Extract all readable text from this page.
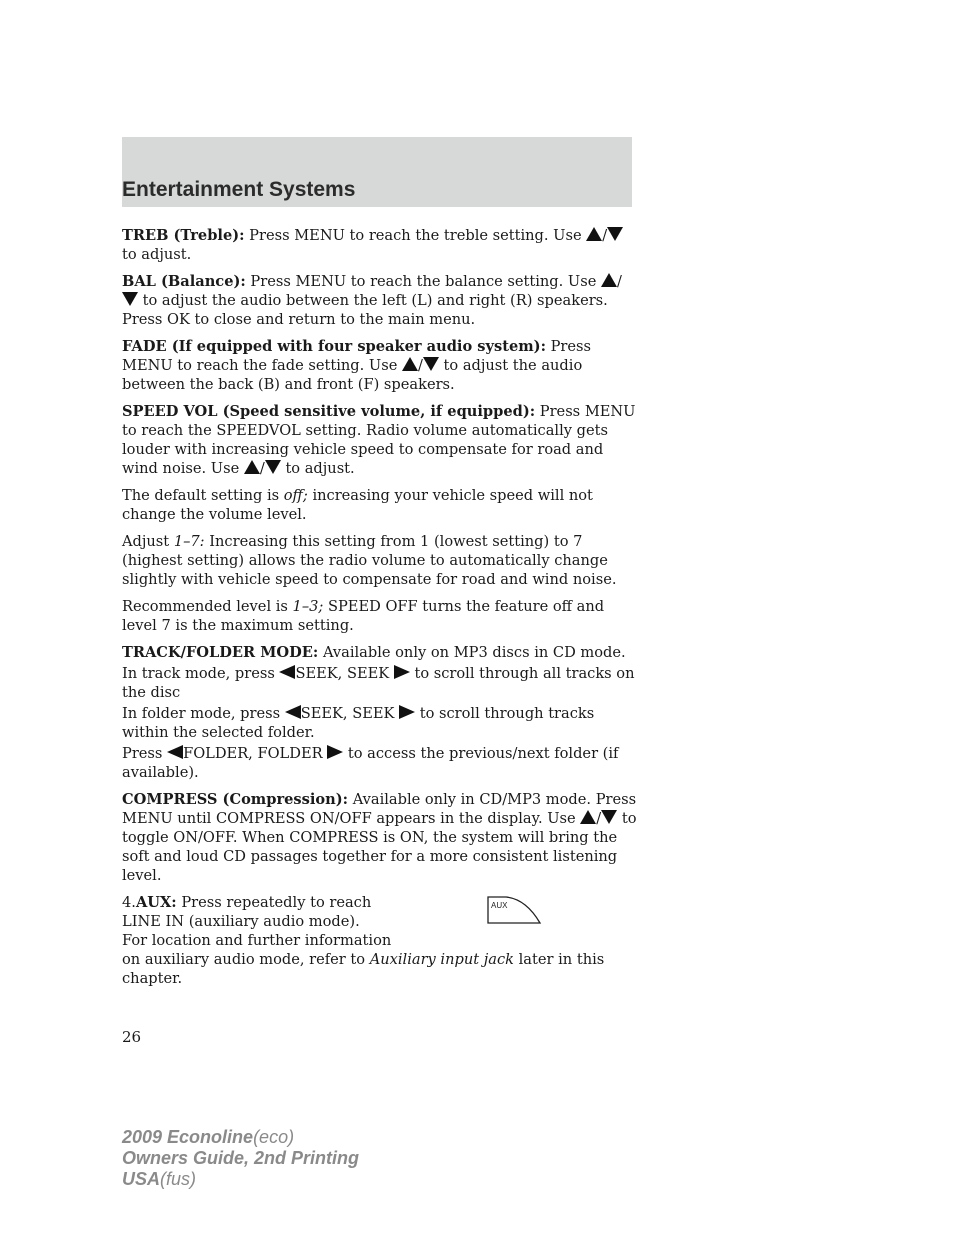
Entertainment Systems

TREB (Treble): Press MENU to reach the treble setting. Use /
to adjust.

BAL (Balance): Press MENU to reach the balance setting. Use /
to adjust the audio between the left (L) and right (R) speakers. Press OK to close and return to the main menu.

FADE (If equipped with four speaker audio system): Press MENU to reach the fade setting. Use / to adjust the audio between the back (B) and front (F) speakers.

SPEED VOL (Speed sensitive volume, if equipped): Press MENU to reach the SPEEDVOL setting. Radio volume automatically gets louder with increasing vehicle speed to compensate for road and wind noise. Use / to adjust.

The default setting is off; increasing your vehicle speed will not change the volume level.

Adjust 1–7: Increasing this setting from 1 (lowest setting) to 7 (highest setting) allows the radio volume to automatically change slightly with vehicle speed to compensate for road and wind noise.

Recommended level is 1–3; SPEED OFF turns the feature off and level 7 is the maximum setting.

TRACK/FOLDER MODE: Available only on MP3 discs in CD mode.

In track mode, press SEEK, SEEK to scroll through all tracks on the disc

In folder mode, press SEEK, SEEK to scroll through tracks within the selected folder.

Press FOLDER, FOLDER to access the previous/next folder (if available).

COMPRESS (Compression): Available only in CD/MP3 mode. Press MENU until COMPRESS ON/OFF appears in the display. Use / to toggle ON/OFF. When COMPRESS is ON, the system will bring the soft and loud CD passages together for a more consistent listening level.

4.AUX: Press repeatedly to reach
LINE IN (auxiliary audio mode).
For location and further information
on auxiliary audio mode, refer to Auxiliary input jack later in this chapter.
AUX
26
2009 Econoline(eco)
Owners Guide, 2nd Printing
USA(fus)
